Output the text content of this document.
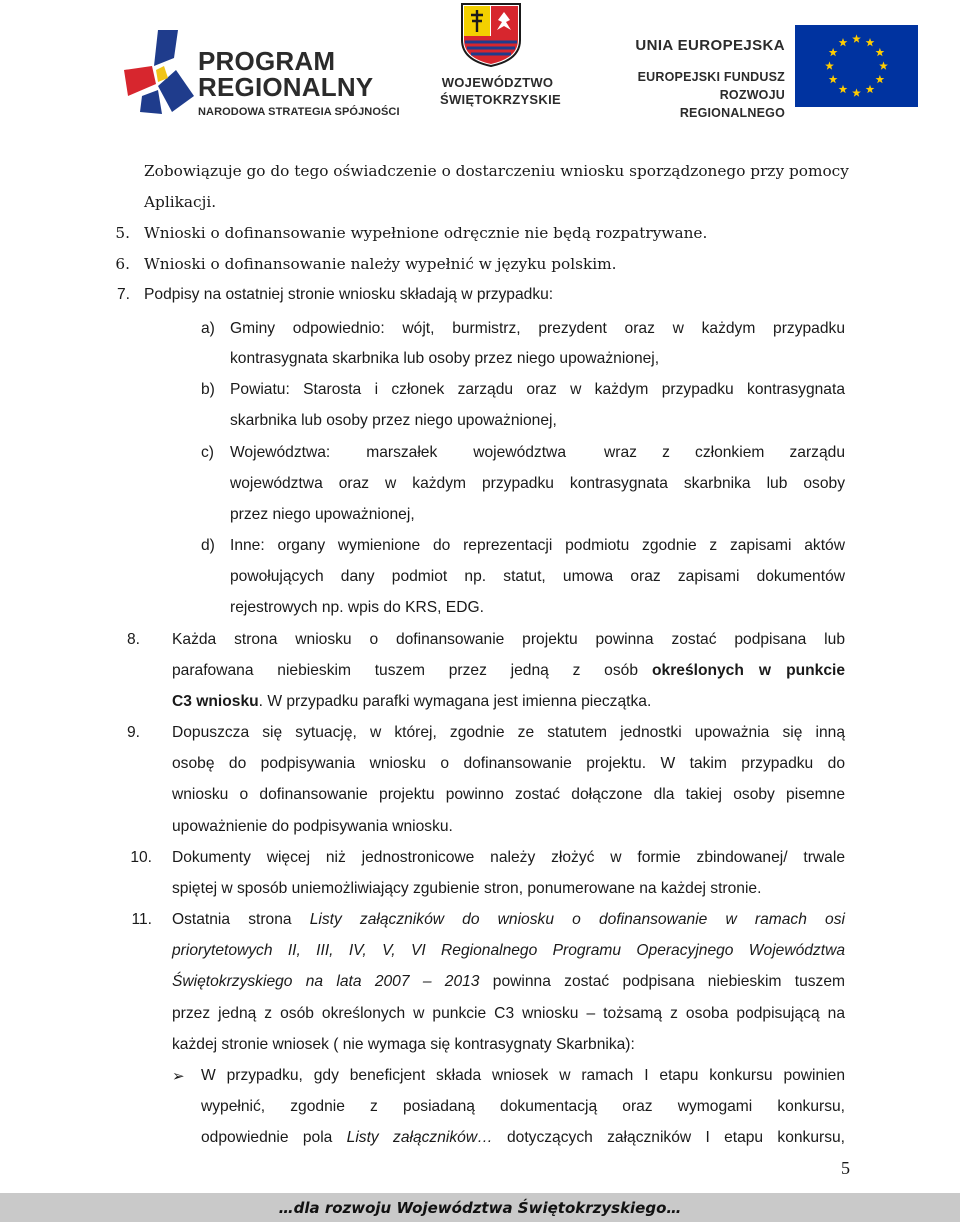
PROGRAM
REGIONALNY
NARODOWA STRATEGIA SPÓJNOŚCI
WOJEWÓDZTWO
ŚWIĘTOKRZYSKIE
UNIA EUROPEJSKA
EUROPEJSKI FUNDUSZ
ROZWOJU REGIONALNEGO
Zobowiązuje go do tego oświadczenie o dostarczeniu wniosku sporządzonego przy pomocy
Aplikacji.
5. Wnioski o dofinansowanie wypełnione odręcznie nie będą rozpatrywane.
6. Wnioski o dofinansowanie należy wypełnić w języku polskim.
7. Podpisy na ostatniej stronie wniosku składają w przypadku:
a) Gminy odpowiednio: wójt, burmistrz, prezydent oraz w każdym przypadku
kontrasygnata skarbnika lub osoby przez niego upoważnionej,
b) Powiatu: Starosta i członek zarządu oraz w każdym przypadku kontrasygnata
skarbnika lub osoby przez niego upoważnionej,
c) Województwa: marszałek województwa wraz z członkiem zarządu
województwa oraz w każdym przypadku kontrasygnata skarbnika lub osoby
przez niego upoważnionej,
d) Inne: organy wymienione do reprezentacji podmiotu zgodnie z zapisami aktów
powołujących dany podmiot np. statut, umowa oraz zapisami dokumentów
rejestrowych np. wpis do KRS, EDG.
8. Każda strona wniosku o dofinansowanie projektu powinna zostać podpisana lub
parafowana niebieskim tuszem przez jedną z osób określonych w punkcie
C3 wniosku. W przypadku parafki wymagana jest imienna pieczątka.
9. Dopuszcza się sytuację, w której, zgodnie ze statutem jednostki upoważnia się inną
osobę do podpisywania wniosku o dofinansowanie projektu. W takim przypadku do
wniosku o dofinansowanie projektu powinno zostać dołączone dla takiej osoby pisemne
upoważnienie do podpisywania wniosku.
10. Dokumenty więcej niż jednostronicowe należy złożyć w formie zbindowanej/ trwale
spiętej w sposób uniemożliwiający zgubienie stron, ponumerowane na każdej stronie.
11. Ostatnia strona Listy załączników do wniosku o dofinansowanie w ramach osi
priorytetowych II, III, IV, V, VI Regionalnego Programu Operacyjnego Województwa
Świętokrzyskiego na lata 2007 – 2013 powinna zostać podpisana niebieskim tuszem
przez jedną z osób określonych w punkcie C3 wniosku – tożsamą z osoba podpisującą na
każdej stronie wniosek ( nie wymaga się kontrasygnaty Skarbnika):
➢ W przypadku, gdy beneficjent składa wniosek w ramach I etapu konkursu powinien
wypełnić, zgodnie z posiadaną dokumentacją oraz wymogami konkursu,
odpowiednie pola Listy załączników… dotyczących załączników I etapu konkursu,
5
…dla rozwoju Województwa Świętokrzyskiego…
